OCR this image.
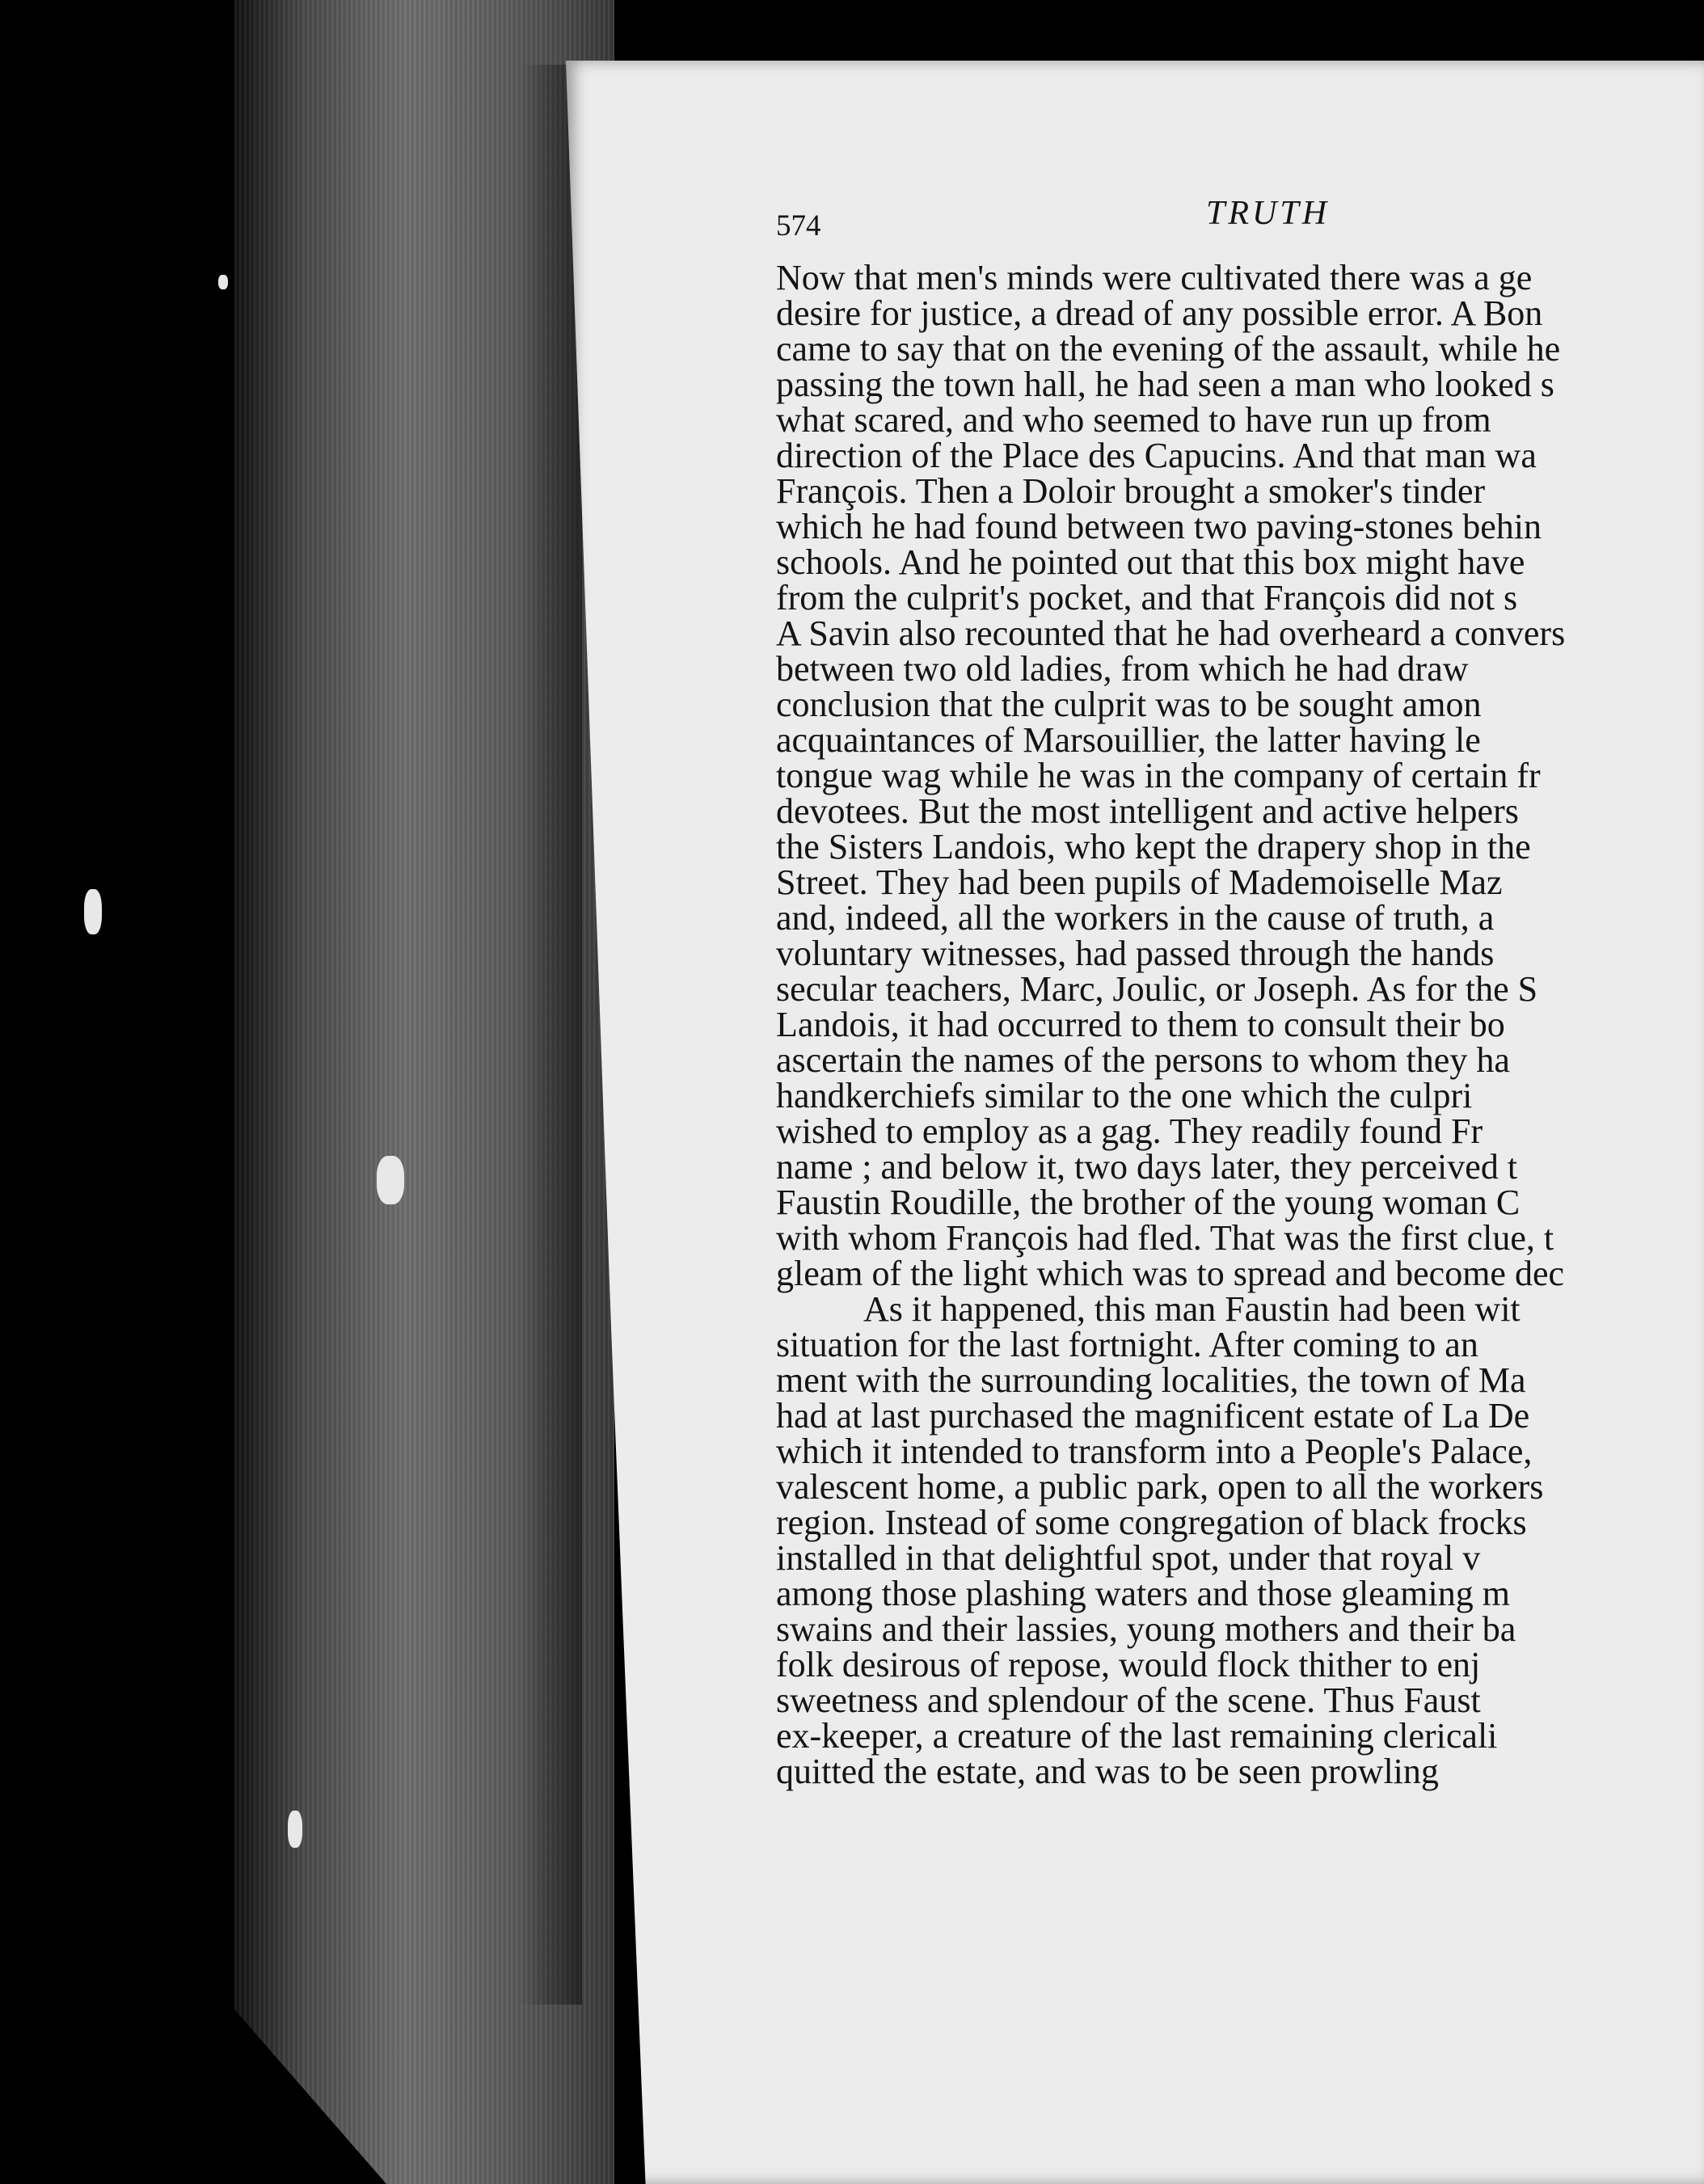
574	TRUTH
Now that men's minds were cultivated there was a ge
desire for justice, a dread of any possible error. A Bon
came to say that on the evening of the assault, while he
passing the town hall, he had seen a man who looked s
what scared, and who seemed to have run up from
direction of the Place des Capucins. And that man wa
François. Then a Doloir brought a smoker's tinder
which he had found between two paving-stones behin
schools. And he pointed out that this box might have
from the culprit's pocket, and that François did not s
A Savin also recounted that he had overheard a convers
between two old ladies, from which he had draw
conclusion that the culprit was to be sought amon
acquaintances of Marsouillier, the latter having le
tongue wag while he was in the company of certain fr
devotees. But the most intelligent and active helpers
the Sisters Landois, who kept the drapery shop in the
Street. They had been pupils of Mademoiselle Maz
and, indeed, all the workers in the cause of truth, a
voluntary witnesses, had passed through the hands
secular teachers, Marc, Joulic, or Joseph. As for the S
Landois, it had occurred to them to consult their bo
ascertain the names of the persons to whom they ha
handkerchiefs similar to the one which the culpri
wished to employ as a gag. They readily found Fr
name ; and below it, two days later, they perceived t
Faustin Roudille, the brother of the young woman C
with whom François had fled. That was the first clue, t
gleam of the light which was to spread and become dec
As it happened, this man Faustin had been wit
situation for the last fortnight. After coming to an
ment with the surrounding localities, the town of Ma
had at last purchased the magnificent estate of La De
which it intended to transform into a People's Palace,
valescent home, a public park, open to all the workers
region. Instead of some congregation of black frocks
installed in that delightful spot, under that royal v
among those plashing waters and those gleaming m
swains and their lassies, young mothers and their ba
folk desirous of repose, would flock thither to enj
sweetness and splendour of the scene. Thus Faust
ex-keeper, a creature of the last remaining clericali
quitted the estate, and was to be seen prowling
